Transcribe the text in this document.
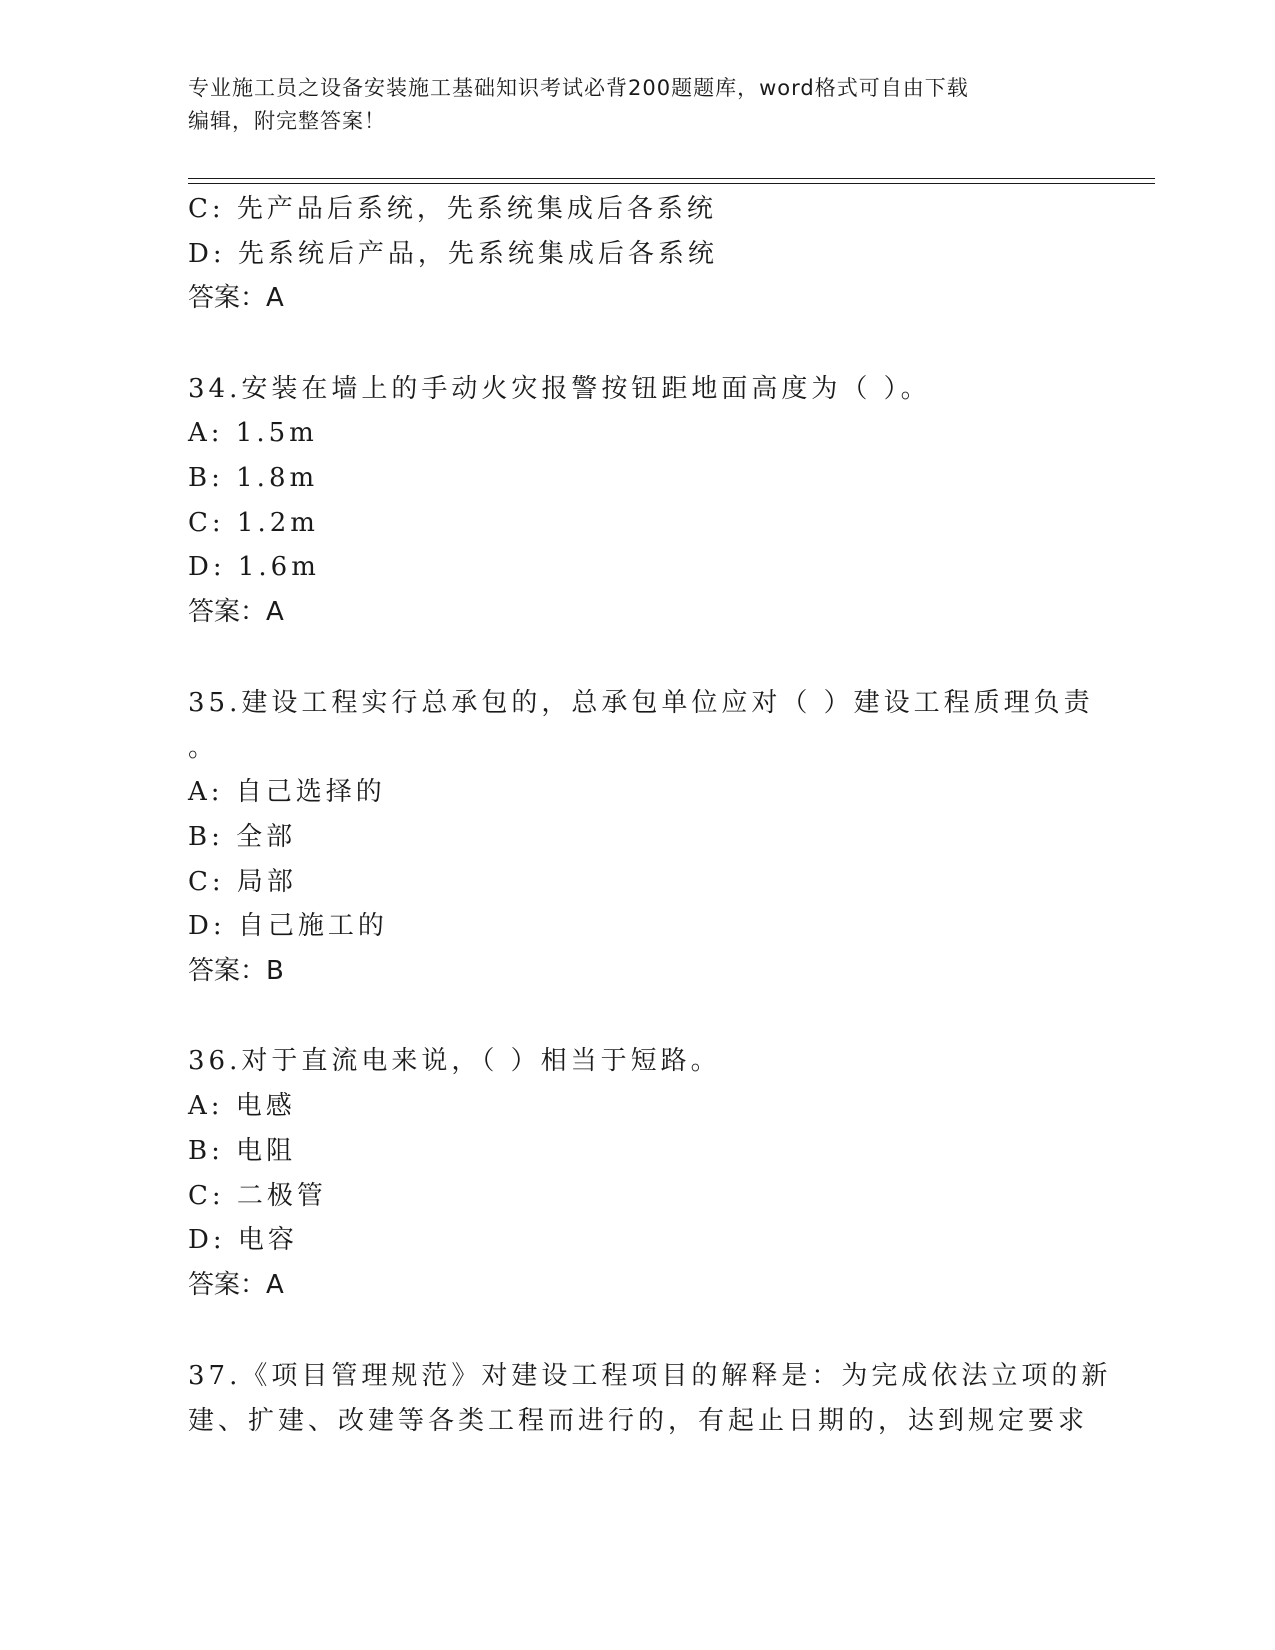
专业施工员之设备安装施工基础知识考试必背200题题库，word格式可自由下载
编辑，附完整答案！
C: 先产品后系统，先系统集成后各系统
D: 先系统后产品，先系统集成后各系统
答案：A
34.安装在墙上的手动火灾报警按钮距地面高度为（ ）。
A: 1.5m
B: 1.8m
C: 1.2m
D: 1.6m
答案：A
35.建设工程实行总承包的，总承包单位应对（ ）建设工程质理负责
。
A: 自己选择的
B: 全部
C: 局部
D: 自己施工的
答案：B
36.对于直流电来说，（ ）相当于短路。
A: 电感
B: 电阻
C: 二极管
D: 电容
答案：A
37.《项目管理规范》对建设工程项目的解释是：为完成依法立项的新
建、扩建、改建等各类工程而进行的，有起止日期的，达到规定要求
